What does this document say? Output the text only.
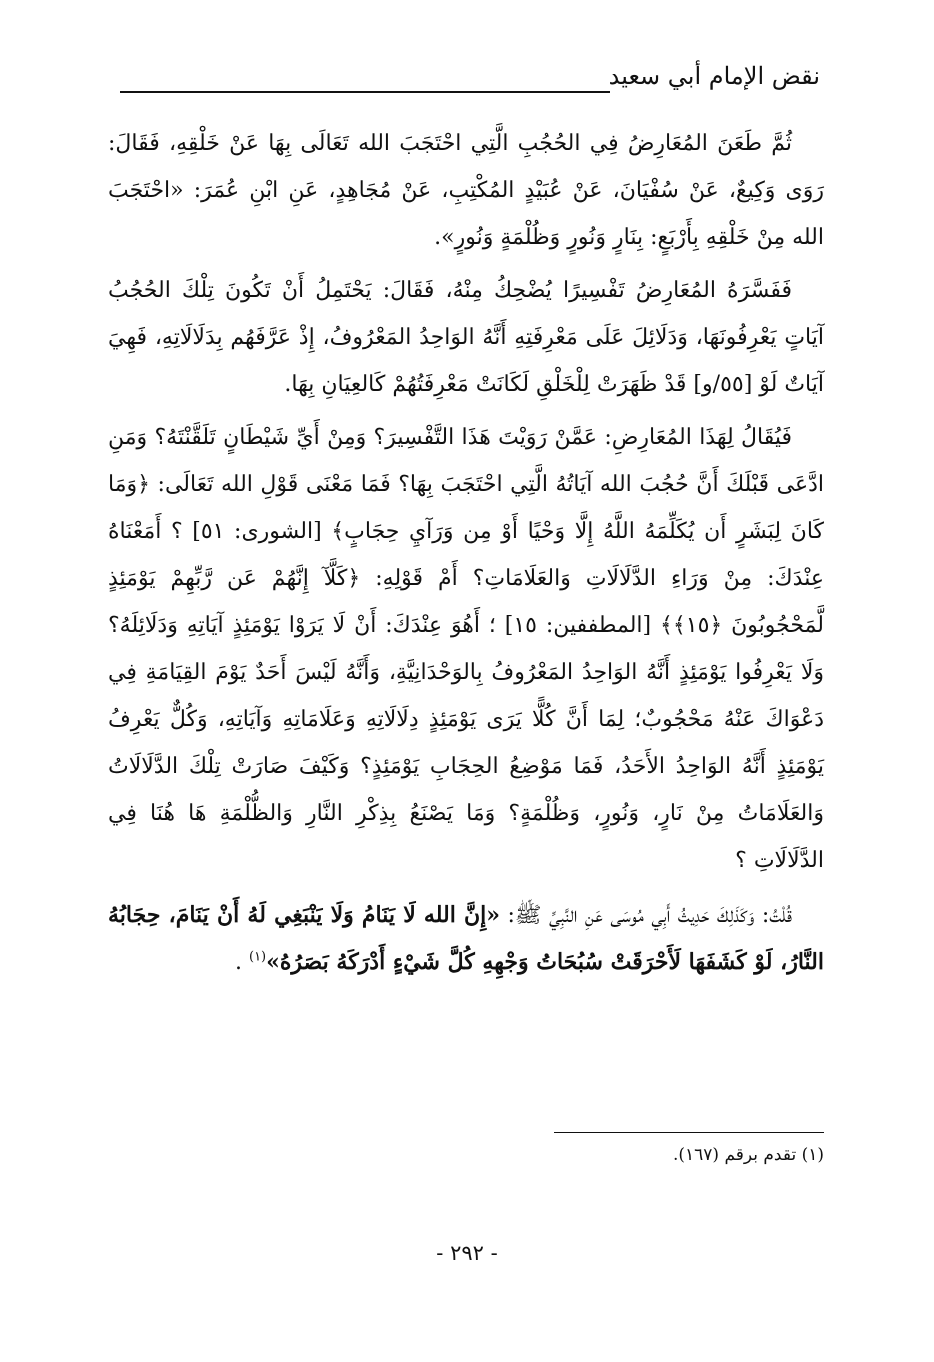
نقض الإمام أبي سعيد

ثُمَّ طَعَنَ المُعَارِضُ فِي الحُجُبِ الَّتِي احْتَجَبَ الله تَعَالَى بِهَا عَنْ خَلْقِهِ، فَقَالَ: رَوَى وَكِيعٌ، عَنْ سُفْيَانَ، عَنْ عُبَيْدٍ المُكْتِبِ، عَنْ مُجَاهِدٍ، عَنِ ابْنِ عُمَرَ: «احْتَجَبَ الله مِنْ خَلْقِهِ بِأَرْبَعٍ: بِنَارٍ وَنُورٍ وَظُلْمَةٍ وَنُورٍ».

فَفَسَّرَهُ المُعَارِضُ تَفْسِيرًا يُضْحِكُ مِنْهُ، فَقَالَ: يَحْتَمِلُ أَنْ تَكُونَ تِلْكَ الحُجُبُ آيَاتٍ يَعْرِفُونَهَا، وَدَلَائِلَ عَلَى مَعْرِفَتِهِ أَنَّهُ الوَاحِدُ المَعْرُوفُ، إِذْ عَرَّفَهُم بِدَلَالَاتِهِ، فَهِيَ آيَاتٌ لَوْ [٥٥/و] قَدْ ظَهَرَتْ لِلْخَلْقِ لَكَانَتْ مَعْرِفَتُهُمْ كَالعِيَانِ بِهَا.

فَيُقَالُ لِهَذَا المُعَارِضِ: عَمَّنْ رَوَيْتَ هَذَا التَّفْسِيرَ؟ وَمِنْ أَيِّ شَيْطَانٍ تَلَقَّنْتَهُ؟ وَمَنِ ادَّعَى قَبْلَكَ أَنَّ حُجُبَ الله آيَاتُهُ الَّتِي احْتَجَبَ بِهَا؟ فَمَا مَعْنَى قَوْلِ الله تَعَالَى: ﴿وَمَا كَانَ لِبَشَرٍ أَن يُكَلِّمَهُ اللَّهُ إِلَّا وَحْيًا أَوْ مِن وَرَآيِ حِجَابٍ﴾ [الشورى: ٥١] ؟ أَمَعْنَاهُ عِنْدَكَ: مِنْ وَرَاءِ الدَّلَالَاتِ وَالعَلَامَاتِ؟ أَمْ قَوْلِهِ: ﴿كَلَّآ إِنَّهُمْ عَن رَّبِّهِمْ يَوْمَئِذٍ لَّمَحْجُوبُونَ ﴿١٥﴾﴾ [المطففين: ١٥] ؛ أَهُوَ عِنْدَكَ: أَنْ لَا يَرَوْا يَوْمَئِذٍ آيَاتِهِ وَدَلَائِلَهُ؟ وَلَا يَعْرِفُوا يَوْمَئِذٍ أَنَّهُ الوَاحِدُ المَعْرُوفُ بِالوَحْدَانِيَّةِ، وَأَنَّهُ لَيْسَ أَحَدٌ يَوْمَ القِيَامَةِ فِي دَعْوَاكَ عَنْهُ مَحْجُوبٌ؛ لِمَا أَنَّ كُلًّا يَرَى يَوْمَئِذٍ دِلَالَاتِهِ وَعَلَامَاتِهِ وَآيَاتِهِ، وَكُلٌّ يَعْرِفُ يَوْمَئِذٍ أَنَّهُ الوَاحِدُ الأَحَدُ، فَمَا مَوْضِعُ الحِجَابِ يَوْمَئِذٍ؟ وَكَيْفَ صَارَتْ تِلْكَ الدَّلَالَاتُ وَالعَلَامَاتُ مِنْ نَارٍ، وَنُورٍ، وَظُلْمَةٍ؟ وَمَا يَصْنَعُ بِذِكْرِ النَّارِ وَالظُّلْمَةِ هَا هُنَا فِي الدَّلَالَاتِ ؟

قُلْتُ: وَكَذَلِكَ حَدِيثُ أَبِي مُوسَى عَنِ النَّبِيِّ ﷺ: «إِنَّ الله لَا يَنَامُ وَلَا يَنْبَغِي لَهُ أَنْ يَنَامَ، حِجَابُهُ النَّارُ، لَوْ كَشَفَهَا لَأَحْرَقَتْ سُبُحَاتُ وَجْهِهِ كُلَّ شَيْءٍ أَدْرَكَهُ بَصَرُهُ»$^{(١)}$ .

(١) تقدم برقم (١٦٧).
- ٢٩٢ -
